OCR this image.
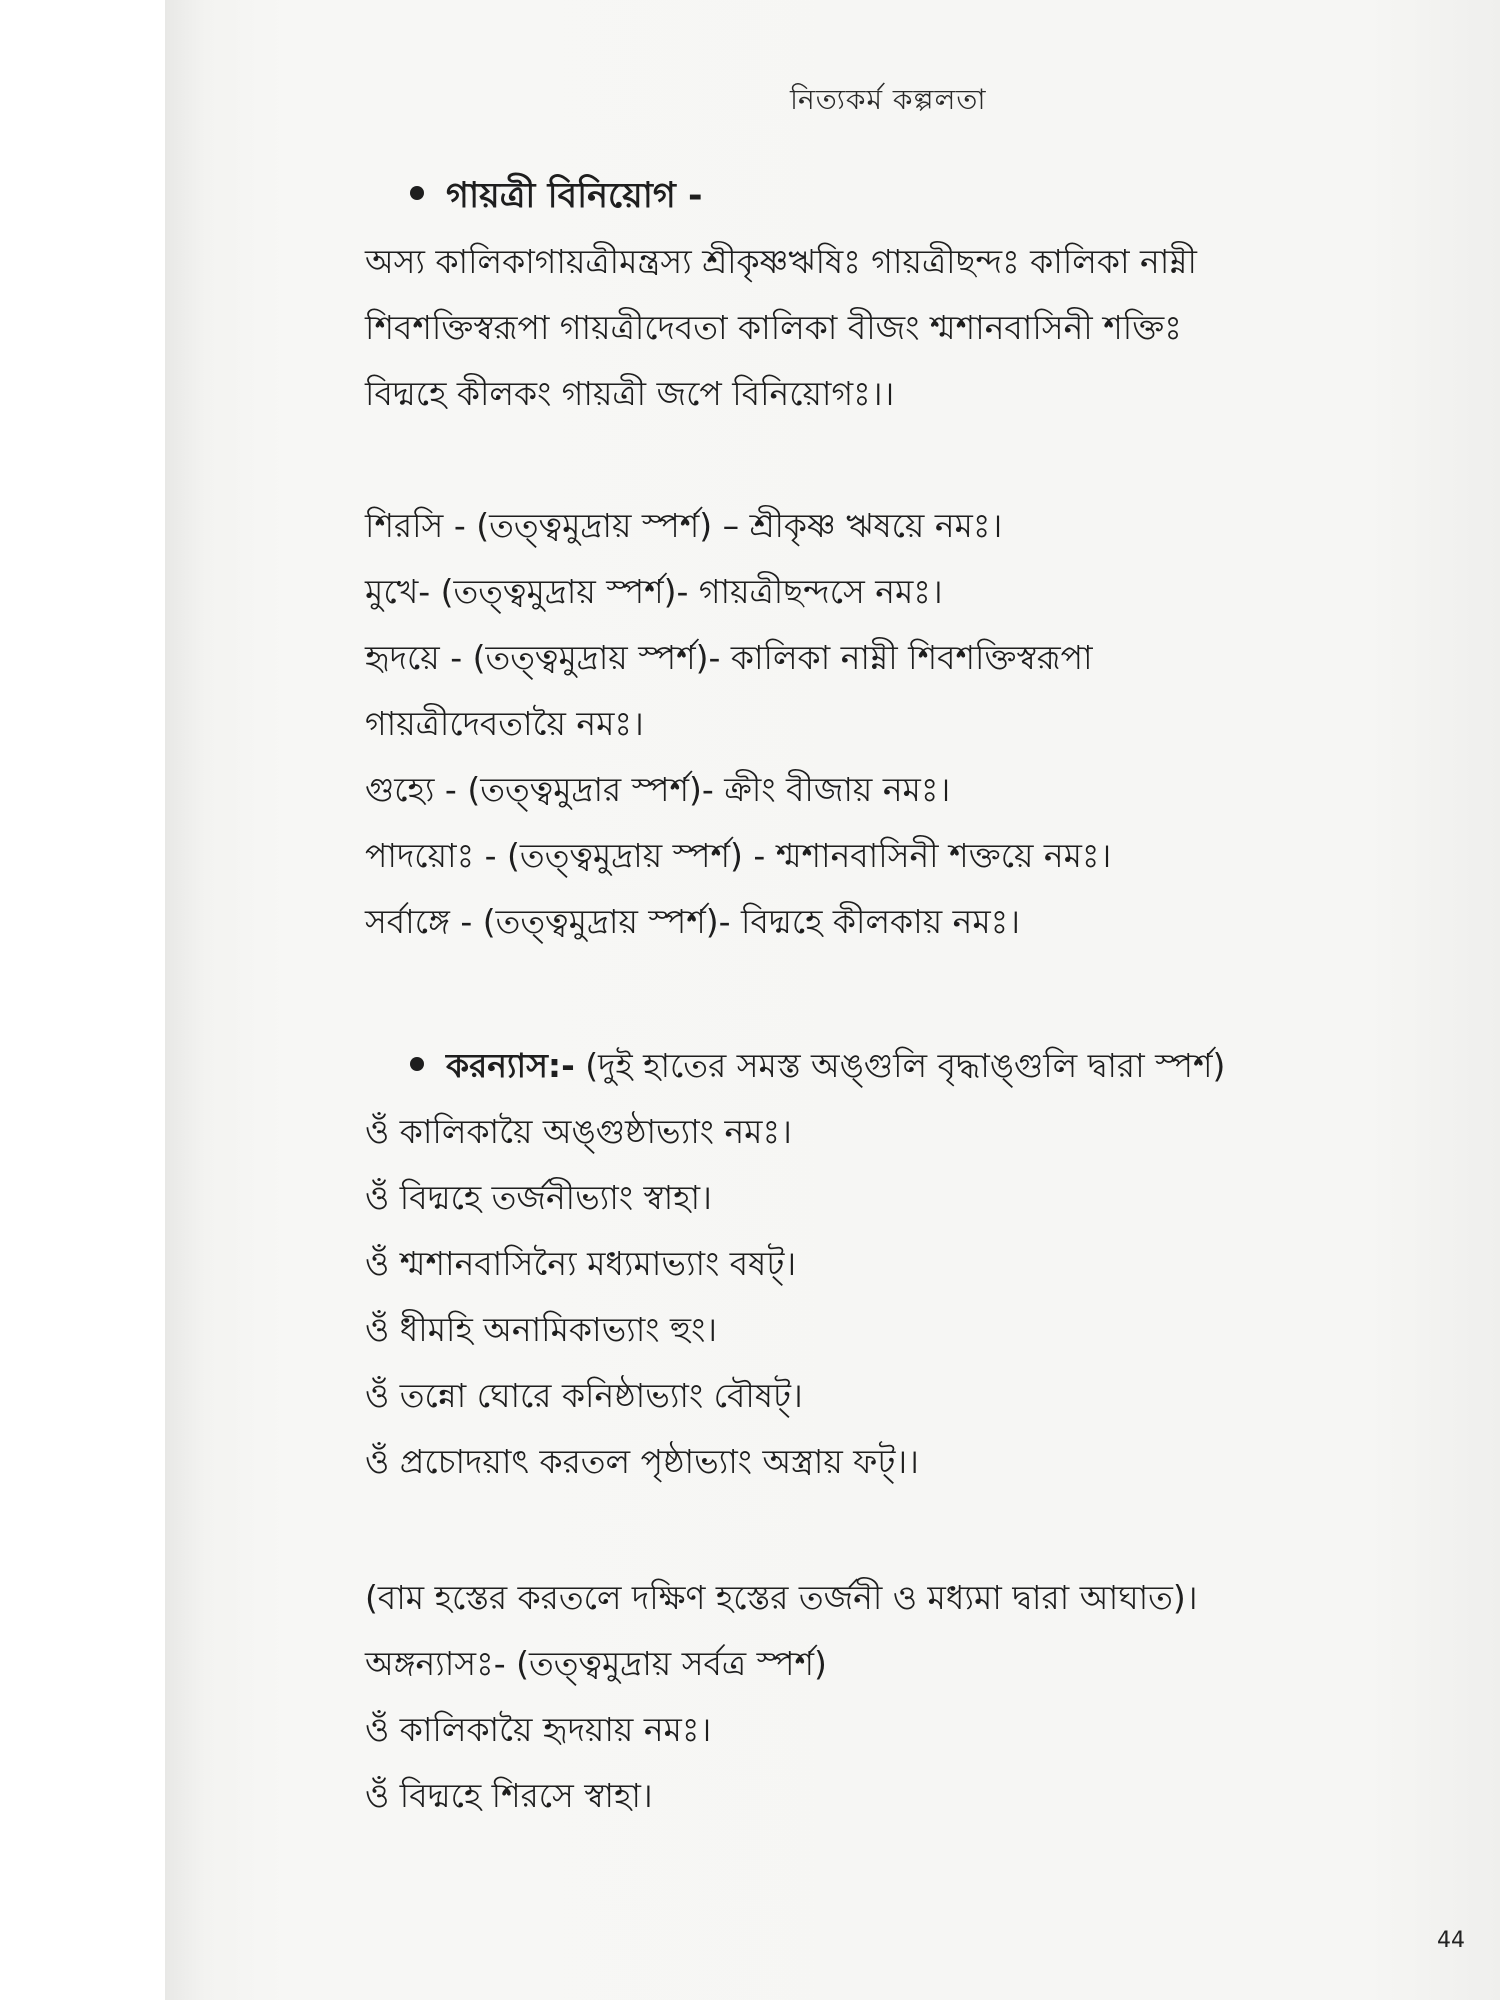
নিত্যকর্ম কল্পলতা
গায়ত্রী বিনিয়োগ -
অস্য কালিকাগায়ত্রীমন্ত্রস্য শ্রীকৃষ্ণঋষিঃ গায়ত্রীছন্দঃ কালিকা নাম্নী
শিবশক্তিস্বরূপা গায়ত্রীদেবতা কালিকা বীজং শ্মশানবাসিনী শক্তিঃ
বিদ্মহে কীলকং গায়ত্রী জপে বিনিয়োগঃ।।
শিরসি - (তত্ত্বমুদ্রায় স্পর্শ) – শ্রীকৃষ্ণ ঋষয়ে নমঃ।
মুখে- (তত্ত্বমুদ্রায় স্পর্শ)- গায়ত্রীছন্দসে নমঃ।
হৃদয়ে - (তত্ত্বমুদ্রায় স্পর্শ)- কালিকা নাম্নী শিবশক্তিস্বরূপা
গায়ত্রীদেবতায়ৈ নমঃ।
গুহ্যে - (তত্ত্বমুদ্রার স্পর্শ)- ক্রীং বীজায় নমঃ।
পাদয়োঃ - (তত্ত্বমুদ্রায় স্পর্শ) - শ্মশানবাসিনী শক্তয়ে নমঃ।
সর্বাঙ্গে - (তত্ত্বমুদ্রায় স্পর্শ)- বিদ্মহে কীলকায় নমঃ।
করন্যাস:- (দুই হাতের সমস্ত অঙ্গুলি বৃদ্ধাঙ্গুলি দ্বারা স্পর্শ)
ওঁ কালিকায়ৈ অঙ্গুষ্ঠাভ্যাং নমঃ।
ওঁ বিদ্মহে তর্জনীভ্যাং স্বাহা।
ওঁ শ্মশানবাসিন্যৈ মধ্যমাভ্যাং বষট্।
ওঁ ধীমহি অনামিকাভ্যাং হুং।
ওঁ তন্নো ঘোরে কনিষ্ঠাভ্যাং বৌষট্।
ওঁ প্রচোদয়াৎ করতল পৃষ্ঠাভ্যাং অস্ত্রায় ফট্।।
(বাম হস্তের করতলে দক্ষিণ হস্তের তর্জনী ও মধ্যমা দ্বারা আঘাত)।
অঙ্গন্যাসঃ- (তত্ত্বমুদ্রায় সর্বত্র স্পর্শ)
ওঁ কালিকায়ৈ হৃদয়ায় নমঃ।
ওঁ বিদ্মহে শিরসে স্বাহা।
44
